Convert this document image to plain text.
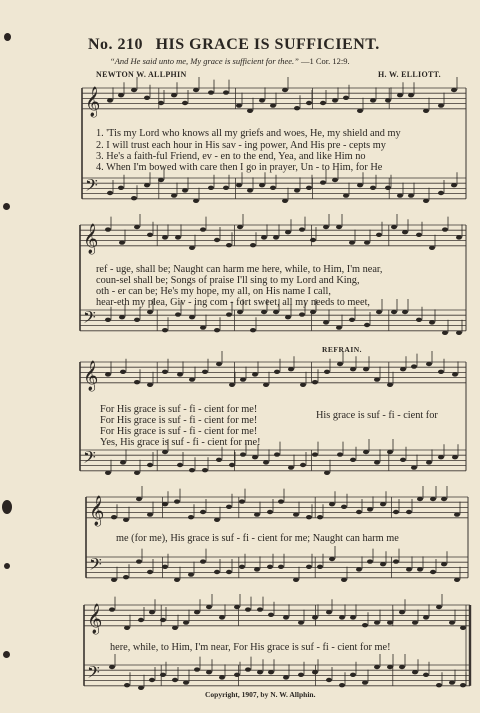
No. 210 HIS GRACE IS SUFFICIENT.
“And He said unto me, My grace is sufficient for thee.” —1 Cor. 12:9.
NEWTON W. ALLPHIN	H. W. ELLIOTT.
𝄞
𝄢
𝄞
𝄢
𝄞
𝄢
𝄞
𝄢
𝄞
𝄢
1. 'Tis my Lord who knows all my griefs and woes, He, my shield and my
2. I will trust each hour in His sav - ing power, And His pre - cepts my
3. He's a faith-ful Friend, ev - en to the end, Yea, and like Him no
4. When I'm bowed with care then I go in prayer, Un - to Him, for He
ref - uge, shall be; Naught can harm me here, while, to Him, I'm near,
coun-sel shall be; Songs of praise I'll sing to my Lord and King,
oth - er can be; He's my hope, my all, on His name I call,
hear-eth my plea, Giv - ing com - fort sweet, all my needs to meet,
REFRAIN.
For His grace is suf - fi - cient for me!
For His grace is suf - fi - cient for me!
For His grace is suf - fi - cient for me!
Yes, His grace is suf - fi - cient for me!
His grace is suf - fi - cient for
me (for me), His grace is suf - fi - cient for me; Naught can harm me
here, while, to Him, I'm near, For His grace is suf - fi - cient for me!
Copyright, 1907, by N. W. Allphin.
